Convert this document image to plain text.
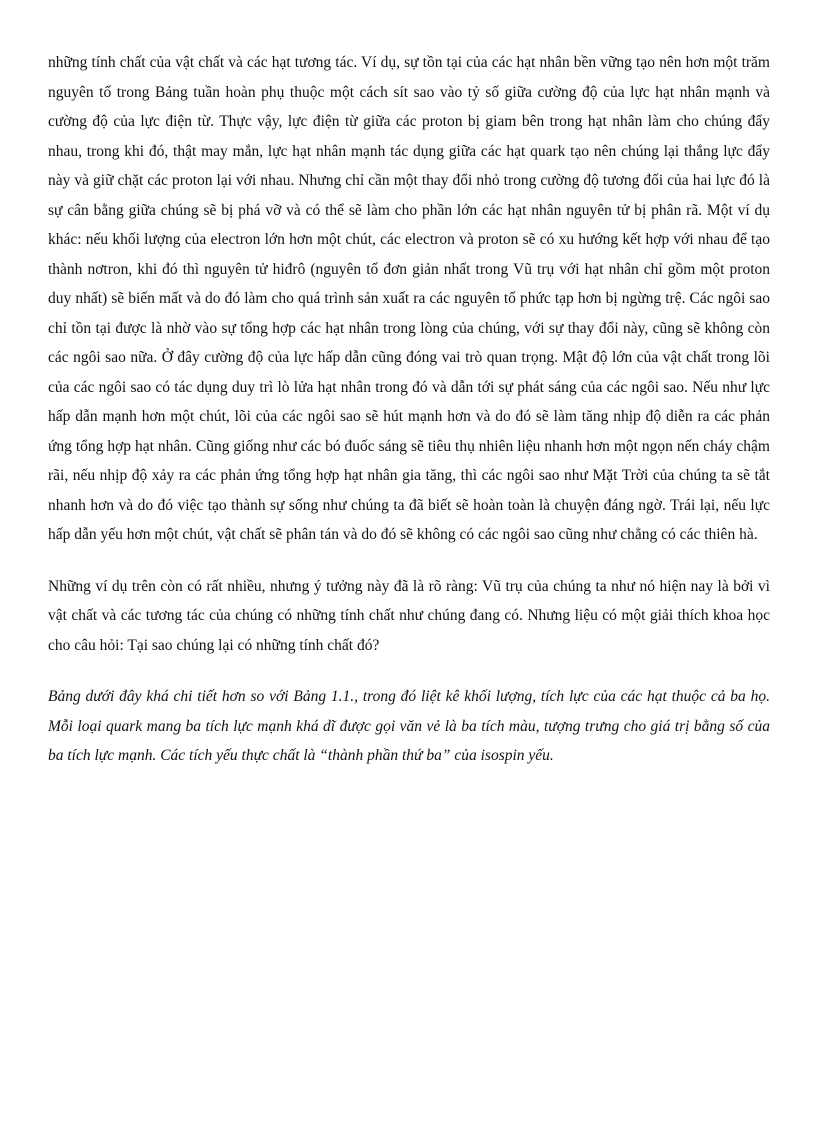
những tính chất của vật chất và các hạt tương tác. Ví dụ, sự tồn tại của các hạt nhân bền vững tạo nên hơn một trăm nguyên tố trong Bảng tuần hoàn phụ thuộc một cách sít sao vào tỷ số giữa cường độ của lực hạt nhân mạnh và cường độ của lực điện từ. Thực vậy, lực điện từ giữa các proton bị giam bên trong hạt nhân làm cho chúng đẩy nhau, trong khi đó, thật may mắn, lực hạt nhân mạnh tác dụng giữa các hạt quark tạo nên chúng lại thắng lực đẩy này và giữ chặt các proton lại với nhau. Nhưng chỉ cần một thay đổi nhỏ trong cường độ tương đối của hai lực đó là sự cân bằng giữa chúng sẽ bị phá vỡ và có thể sẽ làm cho phần lớn các hạt nhân nguyên tử bị phân rã. Một ví dụ khác: nếu khối lượng của electron lớn hơn một chút, các electron và proton sẽ có xu hướng kết hợp với nhau để tạo thành nơtron, khi đó thì nguyên tử hiđrô (nguyên tố đơn giản nhất trong Vũ trụ với hạt nhân chỉ gồm một proton duy nhất) sẽ biến mất và do đó làm cho quá trình sản xuất ra các nguyên tố phức tạp hơn bị ngừng trệ. Các ngôi sao chỉ tồn tại được là nhờ vào sự tổng hợp các hạt nhân trong lòng của chúng, với sự thay đổi này, cũng sẽ không còn các ngôi sao nữa. Ở đây cường độ của lực hấp dẫn cũng đóng vai trò quan trọng. Mật độ lớn của vật chất trong lõi của các ngôi sao có tác dụng duy trì lò lửa hạt nhân trong đó và dẫn tới sự phát sáng của các ngôi sao. Nếu như lực hấp dẫn mạnh hơn một chút, lõi của các ngôi sao sẽ hút mạnh hơn và do đó sẽ làm tăng nhịp độ diễn ra các phản ứng tổng hợp hạt nhân. Cũng giống như các bó đuốc sáng sẽ tiêu thụ nhiên liệu nhanh hơn một ngọn nến cháy chậm rãi, nếu nhịp độ xảy ra các phản ứng tổng hợp hạt nhân gia tăng, thì các ngôi sao như Mặt Trời của chúng ta sẽ tắt nhanh hơn và do đó việc tạo thành sự sống như chúng ta đã biết sẽ hoàn toàn là chuyện đáng ngờ. Trái lại, nếu lực hấp dẫn yếu hơn một chút, vật chất sẽ phân tán và do đó sẽ không có các ngôi sao cũng như chẳng có các thiên hà.

Những ví dụ trên còn có rất nhiều, nhưng ý tưởng này đã là rõ ràng: Vũ trụ của chúng ta như nó hiện nay là bởi vì vật chất và các tương tác của chúng có những tính chất như chúng đang có. Nhưng liệu có một giải thích khoa học cho câu hỏi: Tại sao chúng lại có những tính chất đó?

Bảng dưới đây khá chi tiết hơn so với Bảng 1.1., trong đó liệt kê khối lượng, tích lực của các hạt thuộc cả ba họ. Mỗi loại quark mang ba tích lực mạnh khá dĩ được gọi văn vẻ là ba tích màu, tượng trưng cho giá trị bằng số của ba tích lực mạnh. Các tích yếu thực chất là “thành phần thứ ba” của isospin yếu.
